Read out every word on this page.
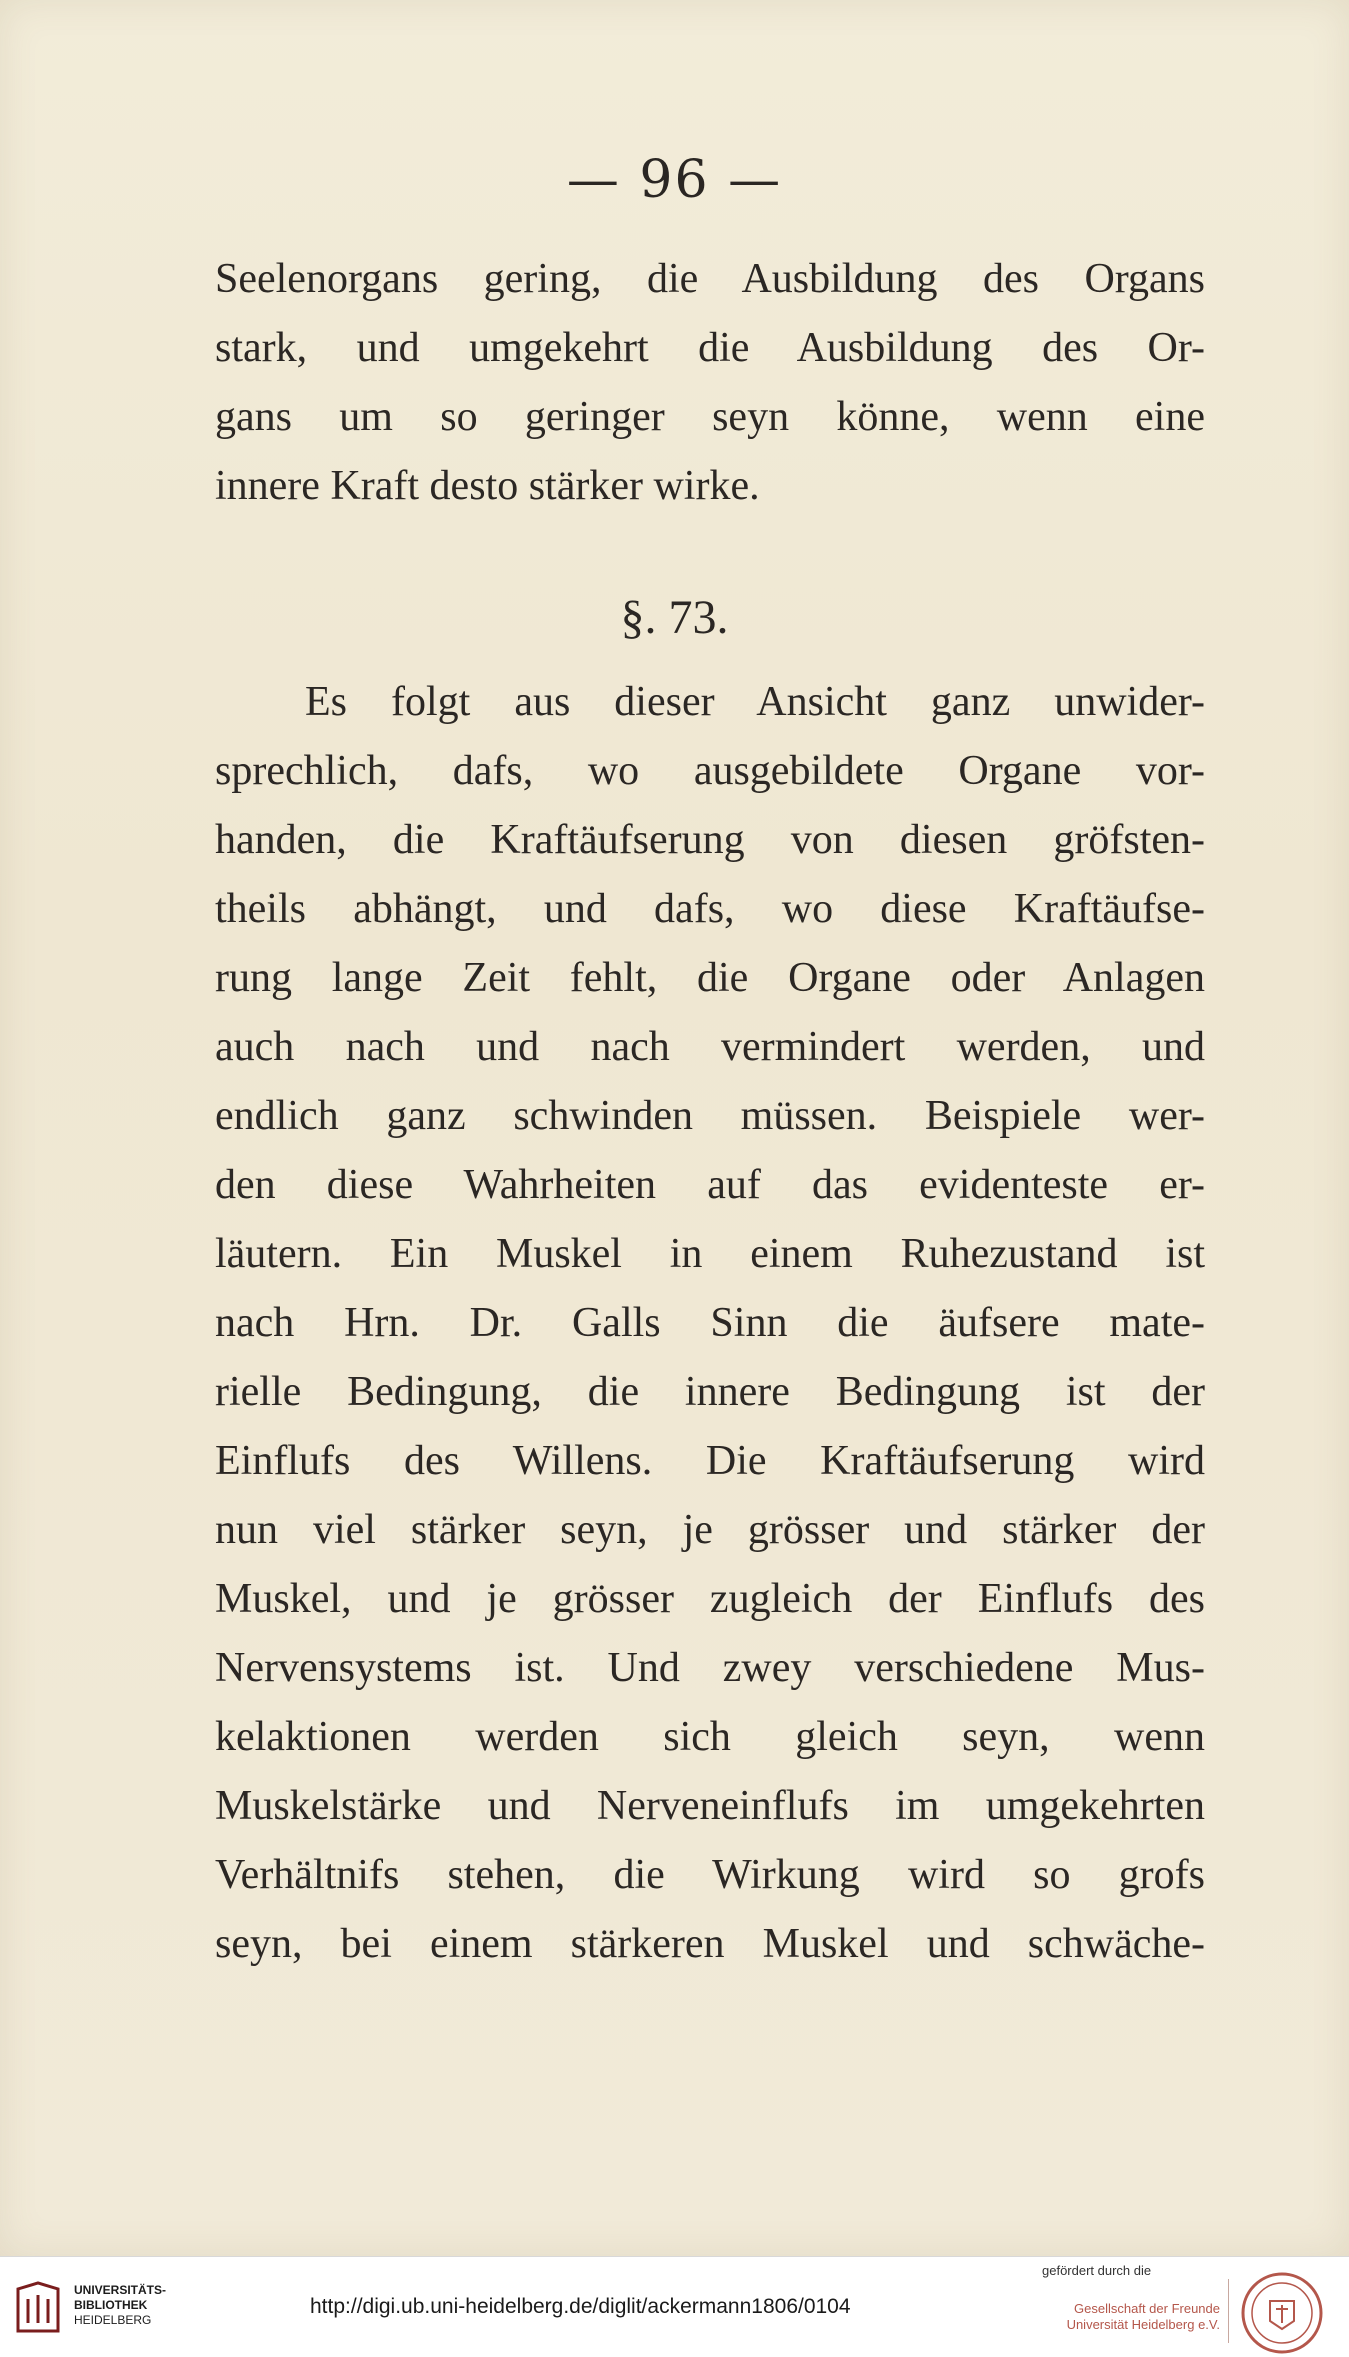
— 96 —
Seelenorgans gering, die Ausbildung des Organs
stark, und umgekehrt die Ausbildung des Or-
gans um so geringer seyn könne, wenn eine
innere Kraft desto stärker wirke.
§. 73.
Es folgt aus dieser Ansicht ganz unwider-
sprechlich, dafs, wo ausgebildete Organe vor-
handen, die Kraftäufserung von diesen gröfsten-
theils abhängt, und dafs, wo diese Kraftäufse-
rung lange Zeit fehlt, die Organe oder Anlagen
auch nach und nach vermindert werden, und
endlich ganz schwinden müssen. Beispiele wer-
den diese Wahrheiten auf das evidenteste er-
läutern. Ein Muskel in einem Ruhezustand ist
nach Hrn. Dr. Galls Sinn die äufsere mate-
rielle Bedingung, die innere Bedingung ist der
Einflufs des Willens. Die Kraftäufserung wird
nun viel stärker seyn, je grösser und stärker der
Muskel, und je grösser zugleich der Einflufs des
Nervensystems ist. Und zwey verschiedene Mus-
kelaktionen werden sich gleich seyn, wenn
Muskelstärke und Nerveneinflufs im umgekehrten
Verhältnifs stehen, die Wirkung wird so grofs
seyn, bei einem stärkeren Muskel und schwäche-
UNIVERSITÄTS-
BIBLIOTHEK
HEIDELBERG
http://digi.ub.uni-heidelberg.de/diglit/ackermann1806/0104
gefördert durch die
Gesellschaft der Freunde
Universität Heidelberg e.V.
